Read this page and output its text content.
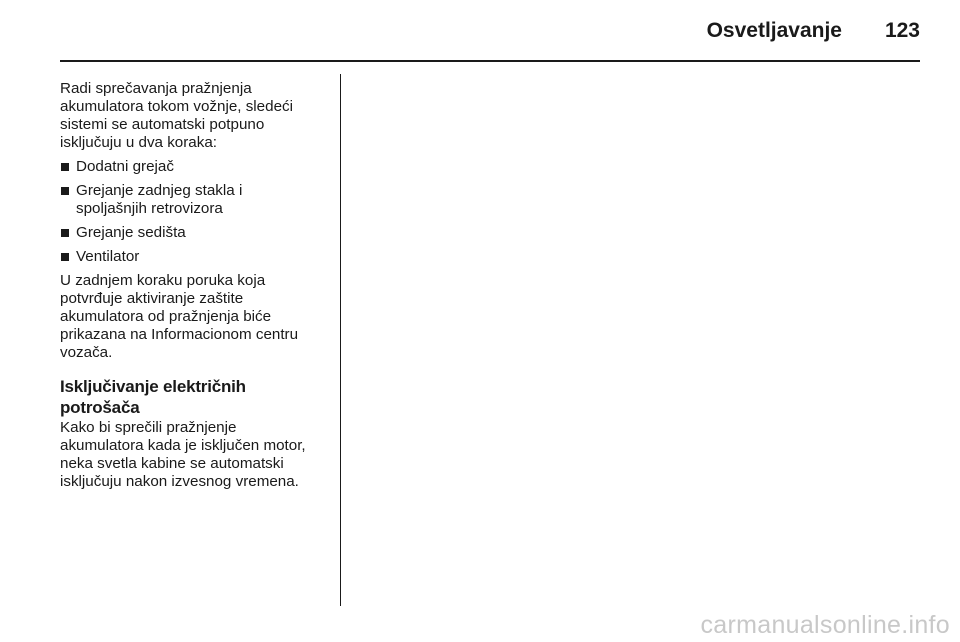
Osvetljavanje 123

Radi sprečavanja pražnjenja
akumulatora tokom vožnje, sledeći
sistemi se automatski potpuno
isključuju u dva koraka:

Dodatni grejač
Grejanje zadnjeg stakla i
spoljašnjih retrovizora
Grejanje sedišta
Ventilator

U zadnjem koraku poruka koja
potvrđuje aktiviranje zaštite
akumulatora od pražnjenja biće
prikazana na Informacionom centru
vozača.

Isključivanje električnih
potrošača

Kako bi sprečili pražnjenje
akumulatora kada je isključen motor,
neka svetla kabine se automatski
isključuju nakon izvesnog vremena.

carmanualsonline.info
